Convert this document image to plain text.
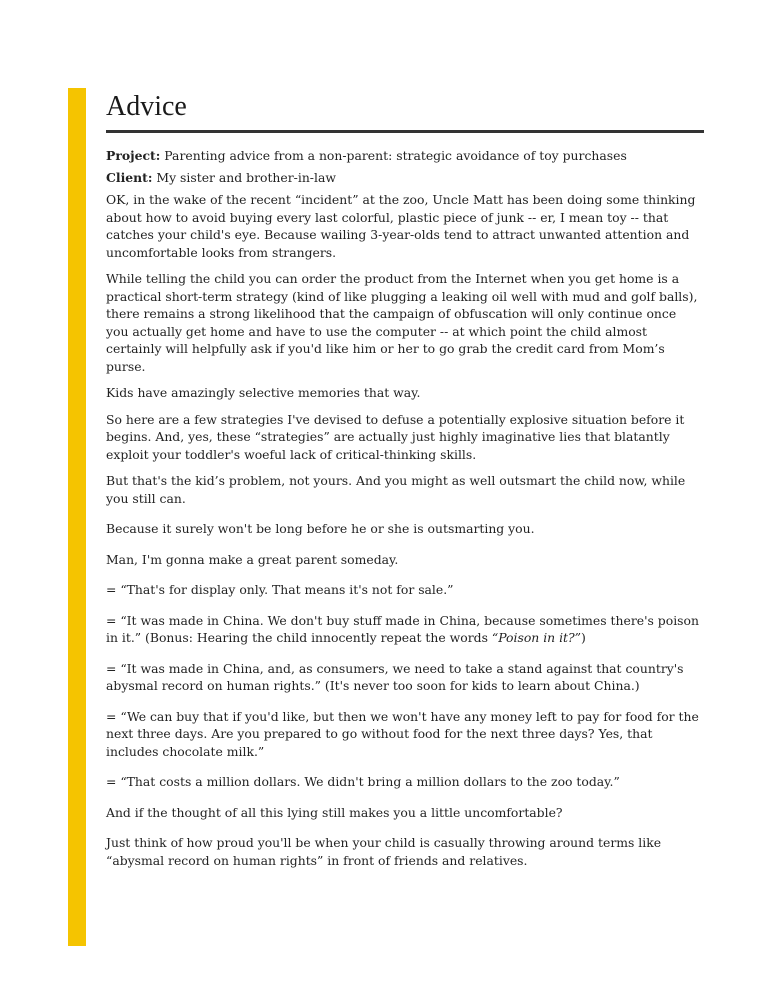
Advice
Project: Parenting advice from a non-parent: strategic avoidance of toy purchases
Client: My sister and brother-in-law

OK, in the wake of the recent “incident” at the zoo, Uncle Matt has been doing some thinking about how to avoid buying every last colorful, plastic piece of junk -- er, I mean toy -- that catches your child's eye. Because wailing 3-year-olds tend to attract unwanted attention and uncomfortable looks from strangers.

While telling the child you can order the product from the Internet when you get home is a practical short-term strategy (kind of like plugging a leaking oil well with mud and golf balls), there remains a strong likelihood that the campaign of obfuscation will only continue once you actually get home and have to use the computer -- at which point the child almost certainly will helpfully ask if you'd like him or her to go grab the credit card from Mom’s purse.

Kids have amazingly selective memories that way.

So here are a few strategies I've devised to defuse a potentially explosive situation before it begins. And, yes, these “strategies” are actually just highly imaginative lies that blatantly exploit your toddler's woeful lack of critical-thinking skills.

But that's the kid’s problem, not yours. And you might as well outsmart the child now, while you still can.

Because it surely won't be long before he or she is outsmarting you.

Man, I'm gonna make a great parent someday.

= “That's for display only. That means it's not for sale.”

= “It was made in China. We don't buy stuff made in China, because sometimes there's poison in it.” (Bonus: Hearing the child innocently repeat the words “Poison in it?”)

= “It was made in China, and, as consumers, we need to take a stand against that country's abysmal record on human rights.” (It's never too soon for kids to learn about China.)

= “We can buy that if you'd like, but then we won't have any money left to pay for food for the next three days. Are you prepared to go without food for the next three days? Yes, that includes chocolate milk.”

= “That costs a million dollars. We didn't bring a million dollars to the zoo today.”

And if the thought of all this lying still makes you a little uncomfortable?

Just think of how proud you'll be when your child is casually throwing around terms like “abysmal record on human rights” in front of friends and relatives.
